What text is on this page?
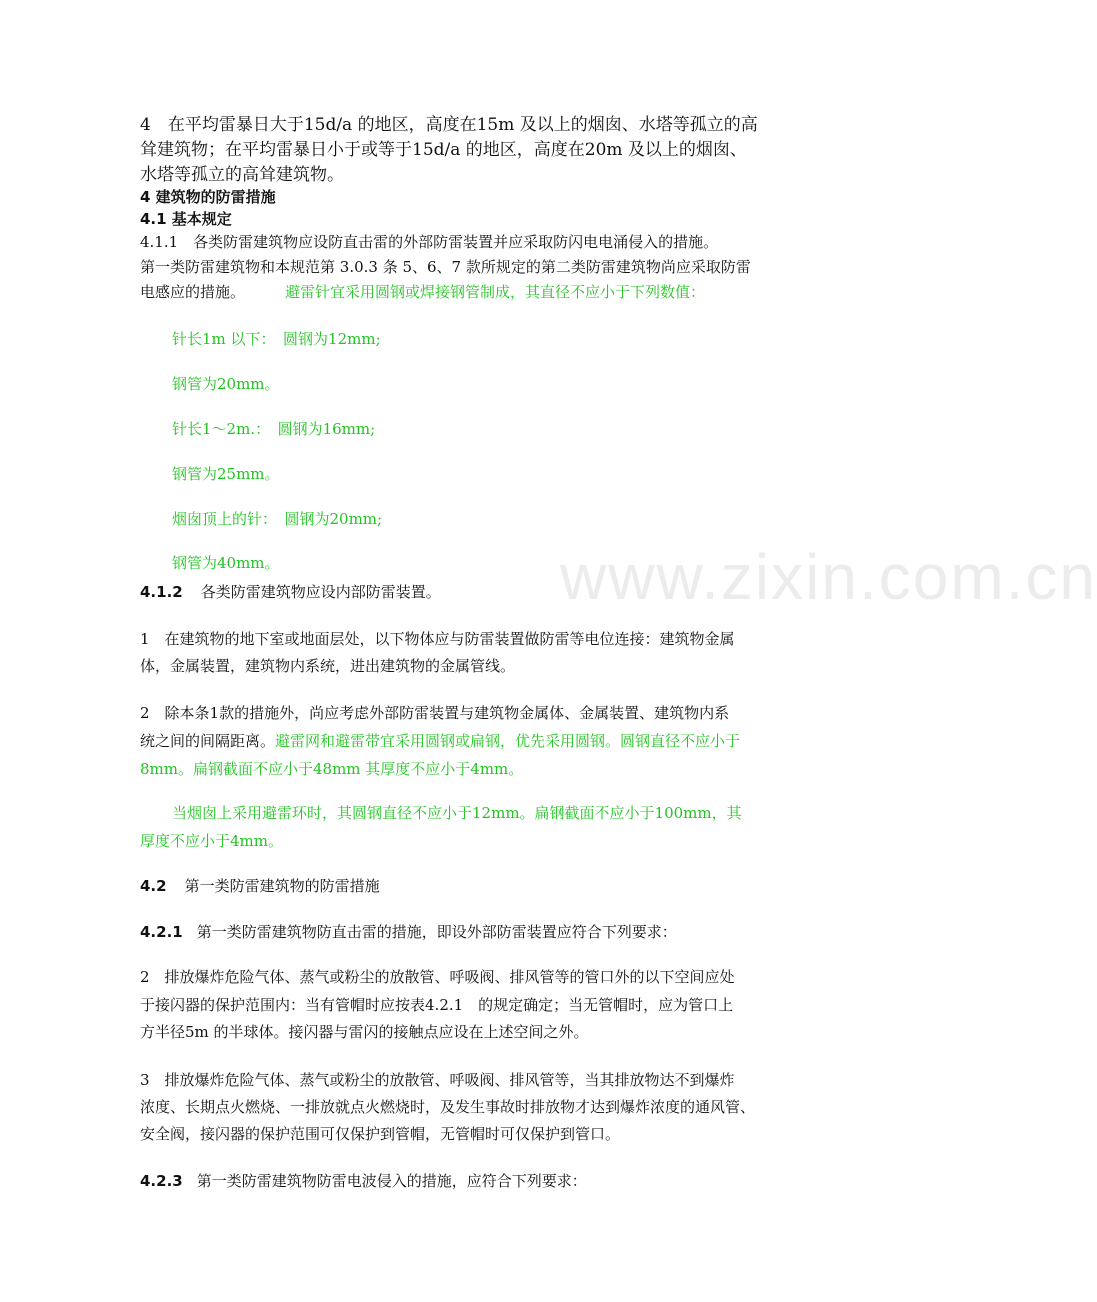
www.zixin.com.cn
4　在平均雷暴日大于15d/a 的地区，高度在15m 及以上的烟囱、水塔等孤立的高
耸建筑物；在平均雷暴日小于或等于15d/a 的地区，高度在20m 及以上的烟囱、
水塔等孤立的高耸建筑物。
4 建筑物的防雷措施
4.1 基本规定
4.1.1　各类防雷建筑物应设防直击雷的外部防雷装置并应采取防闪电电涌侵入的措施。
第一类防雷建筑物和本规范第 3.0.3 条 5、6、7 款所规定的第二类防雷建筑物尚应采取防雷
电感应的措施。	避雷针宜采用圆钢或焊接钢管制成，其直径不应小于下列数值：
针长1m 以下：　圆钢为12mm;
钢管为20mm。
针长1～2m.：　圆钢为16mm;
钢管为25mm。
烟囱顶上的针：　圆钢为20mm;
钢管为40mm。
4.1.2 各类防雷建筑物应设内部防雷装置。
1　在建筑物的地下室或地面层处，以下物体应与防雷装置做防雷等电位连接：建筑物金属
体，金属装置，建筑物内系统，进出建筑物的金属管线。
2　除本条1款的措施外，尚应考虑外部防雷装置与建筑物金属体、金属装置、建筑物内系
统之间的间隔距离。避雷网和避雷带宜采用圆钢或扁钢，优先采用圆钢。圆钢直径不应小于
8mm。扁钢截面不应小于48mm 其厚度不应小于4mm。
当烟囱上采用避雷环时，其圆钢直径不应小于12mm。扁钢截面不应小于100mm，其
厚度不应小于4mm。
4.2 第一类防雷建筑物的防雷措施
4.2.1 第一类防雷建筑物防直击雷的措施，即设外部防雷装置应符合下列要求：
2　排放爆炸危险气体、蒸气或粉尘的放散管、呼吸阀、排风管等的管口外的以下空间应处
于接闪器的保护范围内：当有管帽时应按表4.2.1　的规定确定；当无管帽时，应为管口上
方半径5m 的半球体。接闪器与雷闪的接触点应设在上述空间之外。
3　排放爆炸危险气体、蒸气或粉尘的放散管、呼吸阀、排风管等，当其排放物达不到爆炸
浓度、长期点火燃烧、一排放就点火燃烧时，及发生事故时排放物才达到爆炸浓度的通风管、
安全阀，接闪器的保护范围可仅保护到管帽，无管帽时可仅保护到管口。
4.2.3 第一类防雷建筑物防雷电波侵入的措施，应符合下列要求：
